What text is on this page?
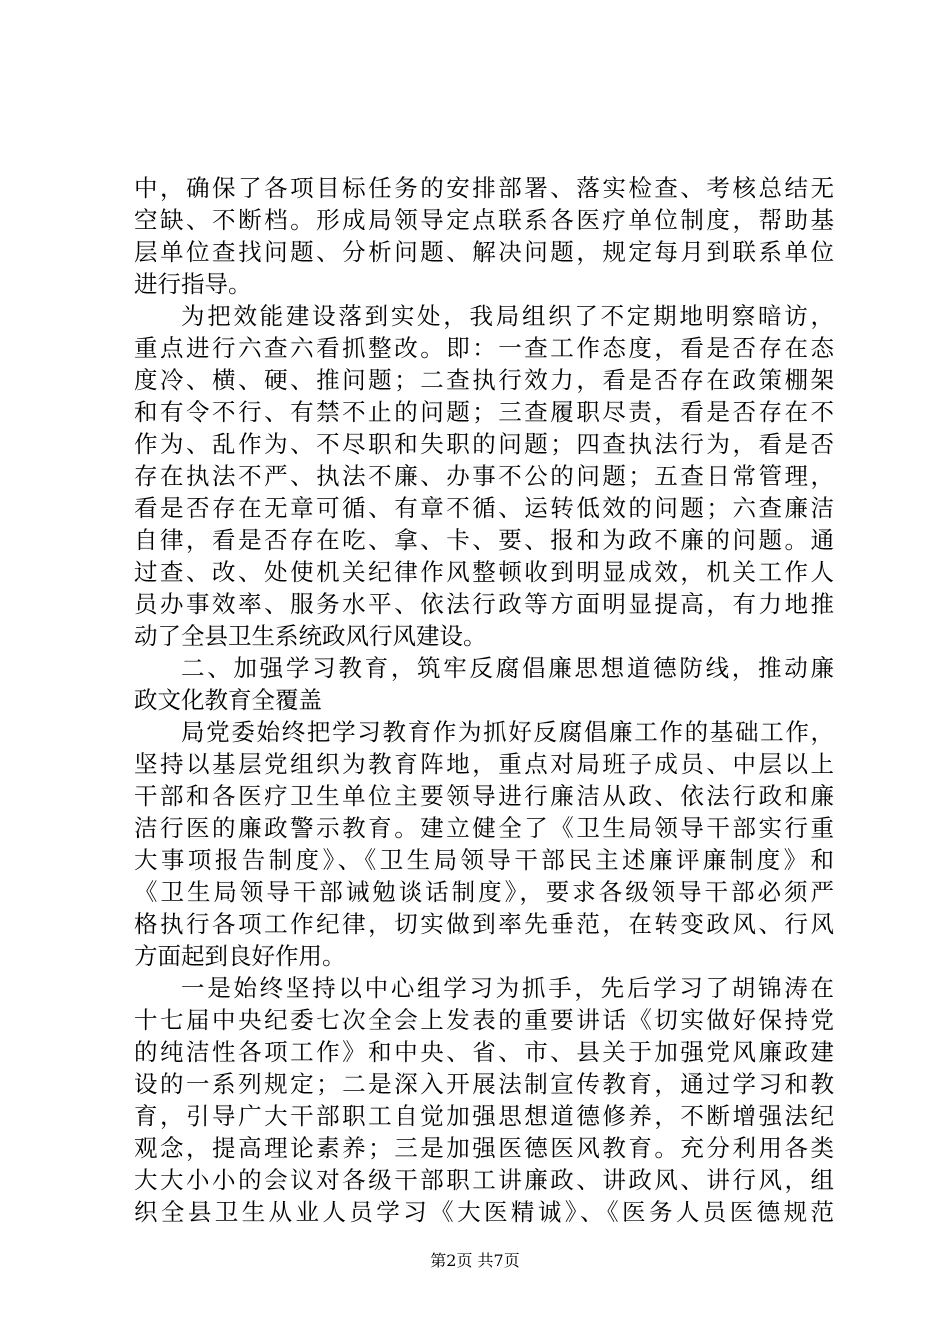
中，确保了各项目标任务的安排部署、落实检查、考核总结无
空缺、不断档。形成局领导定点联系各医疗单位制度，帮助基
层单位查找问题、分析问题、解决问题，规定每月到联系单位
进行指导。
为把效能建设落到实处，我局组织了不定期地明察暗访，
重点进行六查六看抓整改。即：一查工作态度，看是否存在态
度冷、横、硬、推问题；二查执行效力，看是否存在政策棚架
和有令不行、有禁不止的问题；三查履职尽责，看是否存在不
作为、乱作为、不尽职和失职的问题；四查执法行为，看是否
存在执法不严、执法不廉、办事不公的问题；五查日常管理，
看是否存在无章可循、有章不循、运转低效的问题；六查廉洁
自律，看是否存在吃、拿、卡、要、报和为政不廉的问题。通
过查、改、处使机关纪律作风整顿收到明显成效，机关工作人
员办事效率、服务水平、依法行政等方面明显提高，有力地推
动了全县卫生系统政风行风建设。
二、加强学习教育，筑牢反腐倡廉思想道德防线，推动廉
政文化教育全覆盖
局党委始终把学习教育作为抓好反腐倡廉工作的基础工作，
坚持以基层党组织为教育阵地，重点对局班子成员、中层以上
干部和各医疗卫生单位主要领导进行廉洁从政、依法行政和廉
洁行医的廉政警示教育。建立健全了《卫生局领导干部实行重
大事项报告制度》、《卫生局领导干部民主述廉评廉制度》和
《卫生局领导干部诫勉谈话制度》，要求各级领导干部必须严
格执行各项工作纪律，切实做到率先垂范，在转变政风、行风
方面起到良好作用。
一是始终坚持以中心组学习为抓手，先后学习了胡锦涛在
十七届中央纪委七次全会上发表的重要讲话《切实做好保持党
的纯洁性各项工作》和中央、省、市、县关于加强党风廉政建
设的一系列规定；二是深入开展法制宣传教育，通过学习和教
育，引导广大干部职工自觉加强思想道德修养，不断增强法纪
观念，提高理论素养；三是加强医德医风教育。充分利用各类
大大小小的会议对各级干部职工讲廉政、讲政风、讲行风，组
织全县卫生从业人员学习《大医精诚》、《医务人员医德规范
第2页 共7页
